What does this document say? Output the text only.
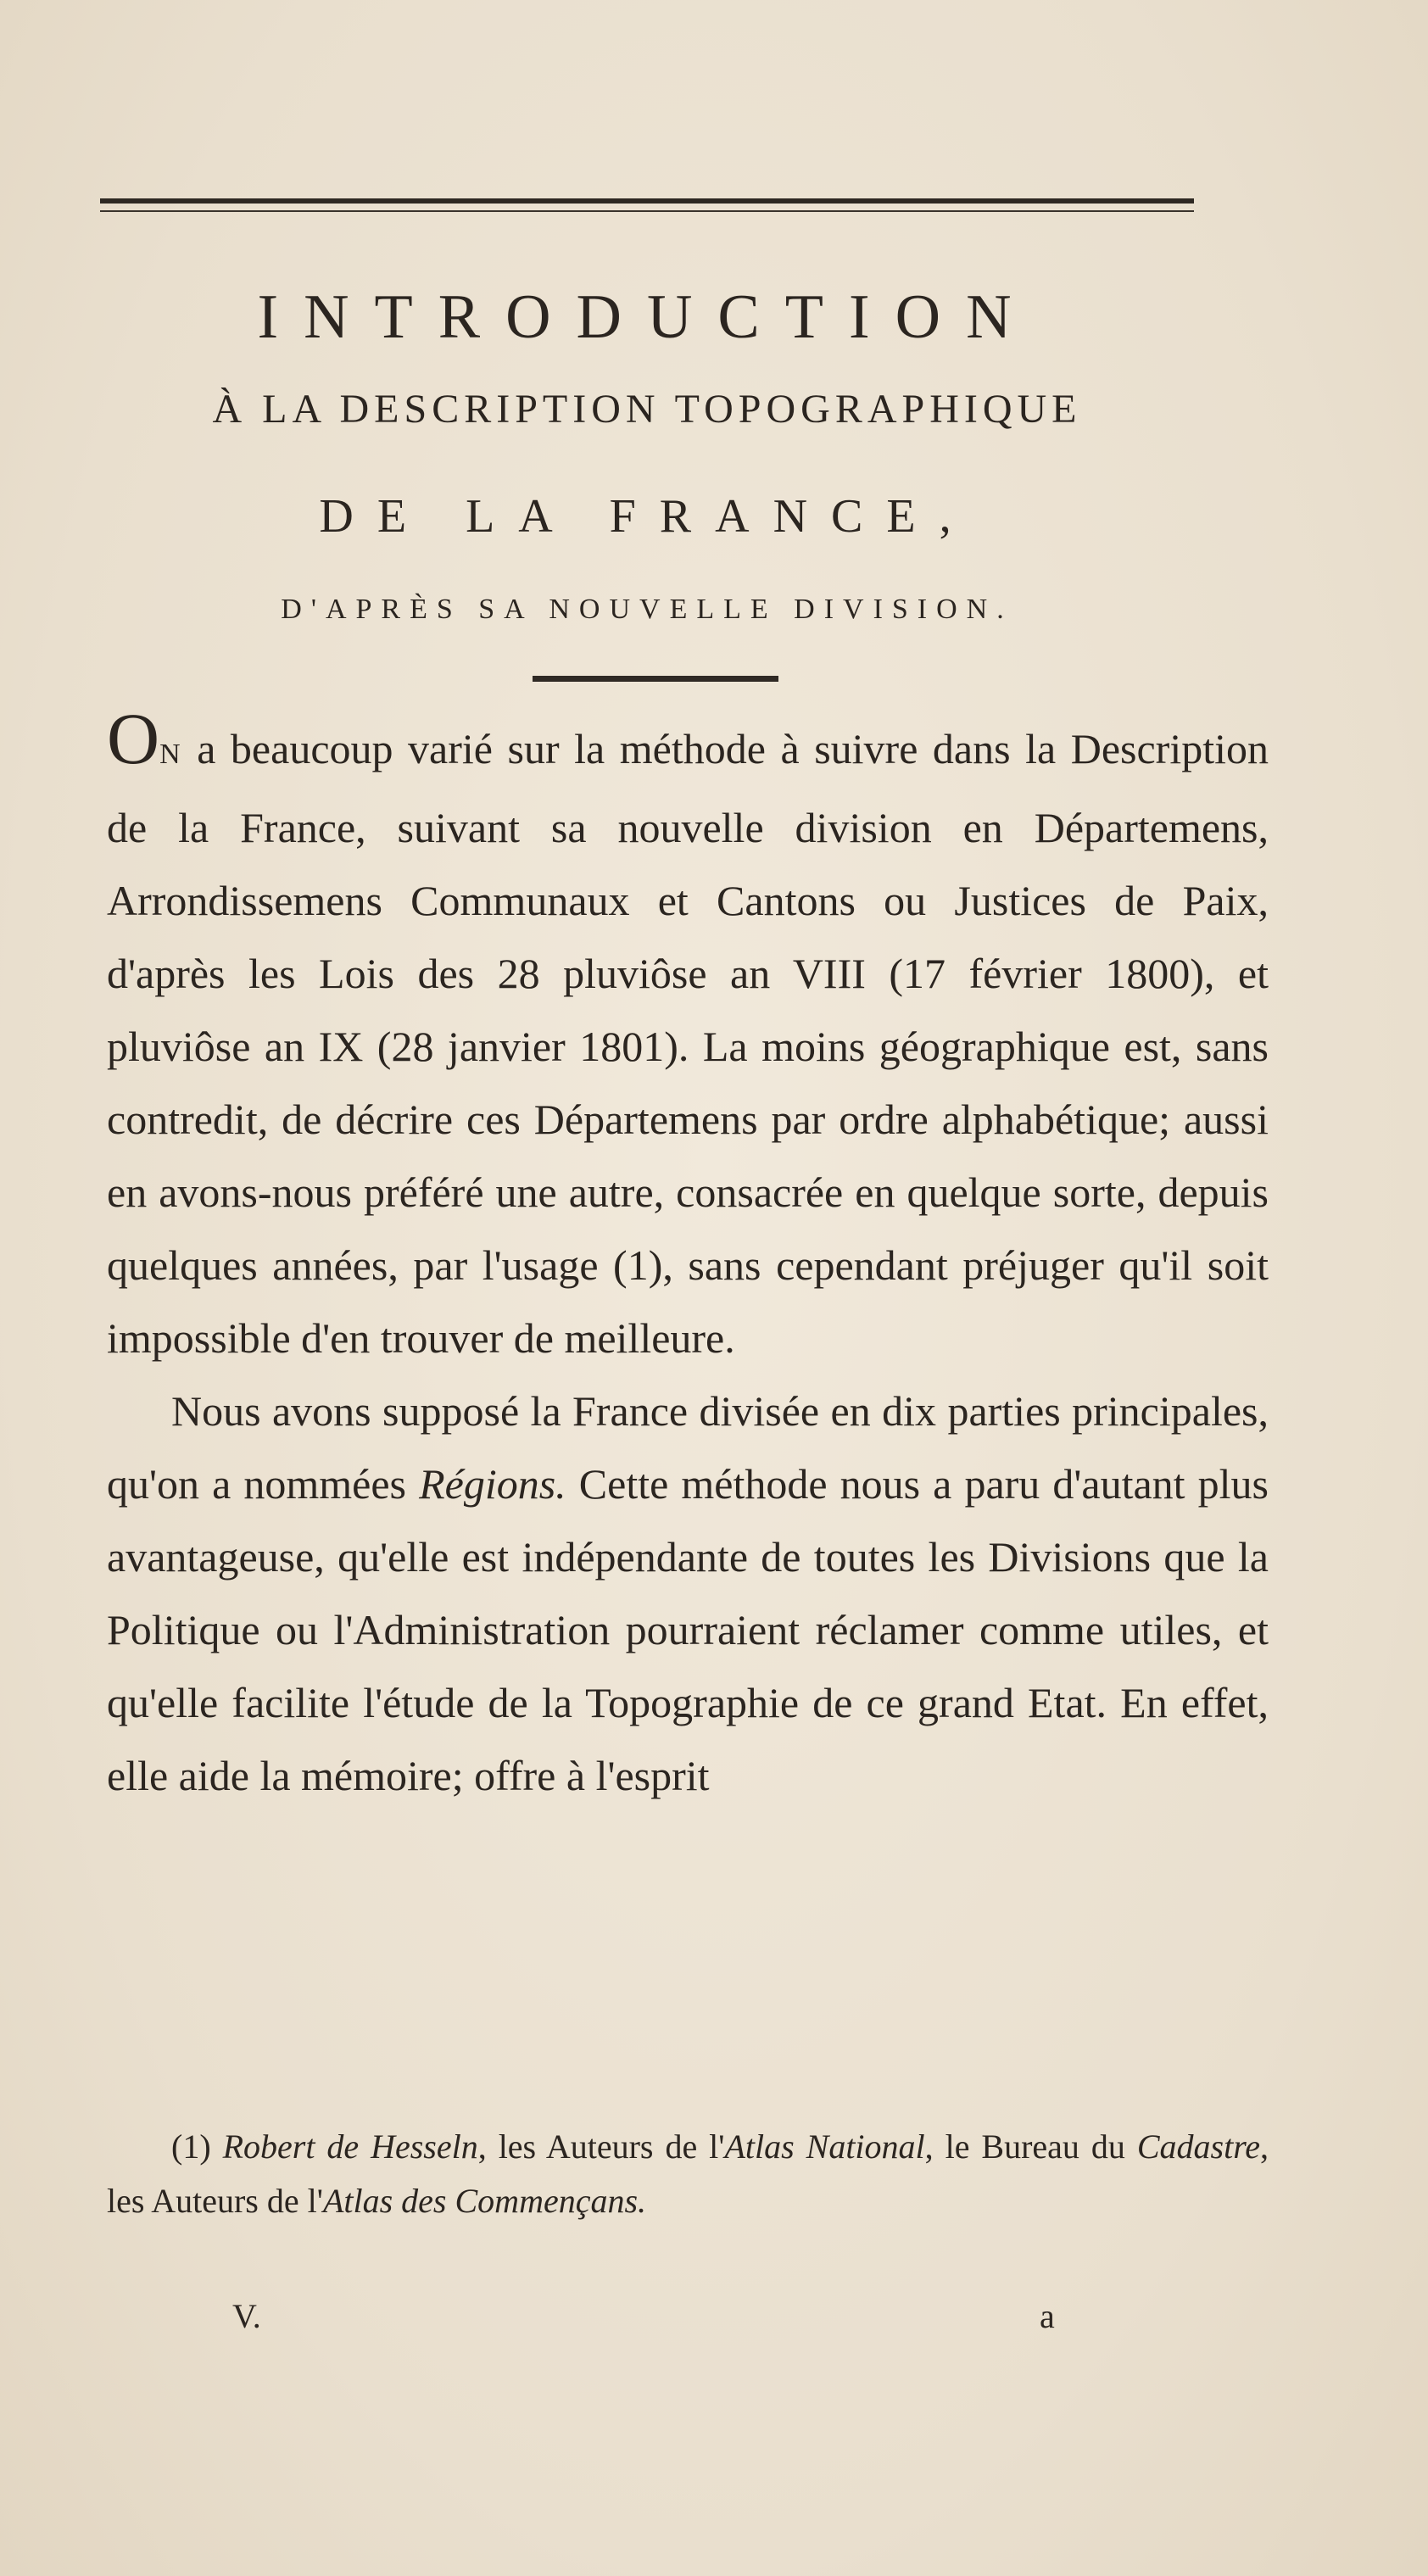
INTRODUCTION
À LA DESCRIPTION TOPOGRAPHIQUE
DE LA FRANCE,
D'APRÈS SA NOUVELLE DIVISION.

ON a beaucoup varié sur la méthode à suivre dans la Description de la France, suivant sa nouvelle division en Départemens, Arrondissemens Communaux et Cantons ou Justices de Paix, d'après les Lois des 28 pluviôse an VIII (17 février 1800), et pluviôse an IX (28 janvier 1801). La moins géographique est, sans contredit, de décrire ces Départemens par ordre alphabétique; aussi en avons-nous préféré une autre, consacrée en quelque sorte, depuis quelques années, par l'usage (1), sans cependant préjuger qu'il soit impossible d'en trouver de meilleure.

Nous avons supposé la France divisée en dix parties principales, qu'on a nommées Régions. Cette méthode nous a paru d'autant plus avantageuse, qu'elle est indépendante de toutes les Divisions que la Politique ou l'Administration pourraient réclamer comme utiles, et qu'elle facilite l'étude de la Topographie de ce grand Etat. En effet, elle aide la mémoire; offre à l'esprit

(1) Robert de Hesseln, les Auteurs de l'Atlas National, le Bureau du Cadastre, les Auteurs de l'Atlas des Commençans.

V.	a
